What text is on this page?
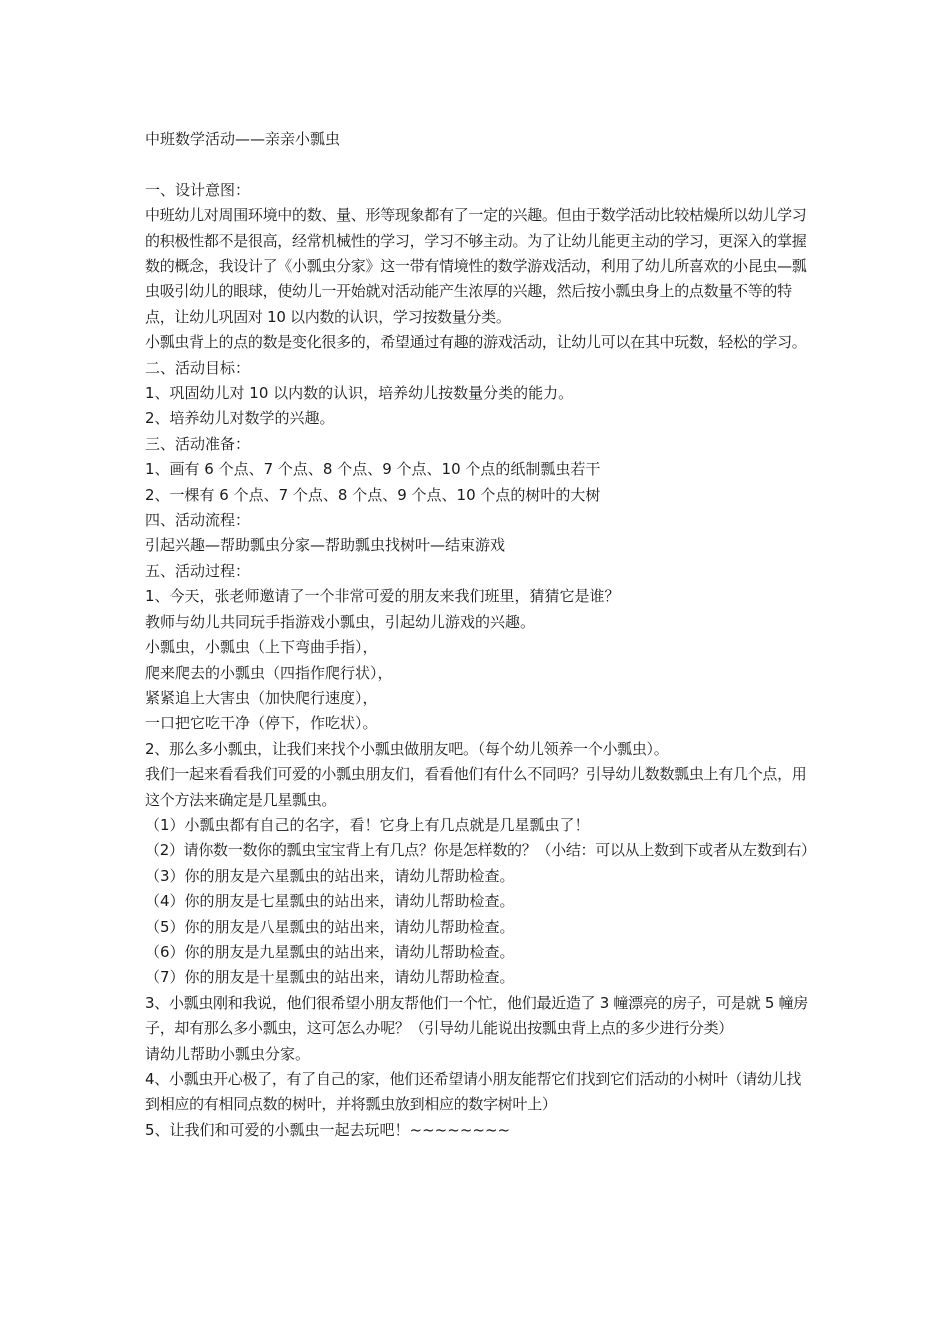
中班数学活动——亲亲小瓢虫

一、设计意图：

中班幼儿对周围环境中的数、量、形等现象都有了一定的兴趣。但由于数学活动比较枯燥所以幼儿学习的积极性都不是很高，经常机械性的学习，学习不够主动。为了让幼儿能更主动的学习，更深入的掌握数的概念，我设计了《小瓢虫分家》这一带有情境性的数学游戏活动，利用了幼儿所喜欢的小昆虫—瓢虫吸引幼儿的眼球，使幼儿一开始就对活动能产生浓厚的兴趣，然后按小瓢虫身上的点数量不等的特点，让幼儿巩固对 10 以内数的认识，学习按数量分类。

小瓢虫背上的点的数是变化很多的，希望通过有趣的游戏活动，让幼儿可以在其中玩数，轻松的学习。

二、活动目标：

1、巩固幼儿对 10 以内数的认识，培养幼儿按数量分类的能力。

2、培养幼儿对数学的兴趣。

三、活动准备：

1、画有 6 个点、7 个点、8 个点、9 个点、10 个点的纸制瓢虫若干

2、一棵有 6 个点、7 个点、8 个点、9 个点、10 个点的树叶的大树

四、活动流程：

引起兴趣—帮助瓢虫分家—帮助瓢虫找树叶—结束游戏

五、活动过程：

1、今天，张老师邀请了一个非常可爱的朋友来我们班里，猜猜它是谁？

教师与幼儿共同玩手指游戏小瓢虫，引起幼儿游戏的兴趣。

小瓢虫，小瓢虫（上下弯曲手指），

爬来爬去的小瓢虫（四指作爬行状），

紧紧追上大害虫（加快爬行速度），

一口把它吃干净（停下，作吃状）。

2、那么多小瓢虫，让我们来找个小瓢虫做朋友吧。（每个幼儿领养一个小瓢虫）。

我们一起来看看我们可爱的小瓢虫朋友们，看看他们有什么不同吗？引导幼儿数数瓢虫上有几个点，用这个方法来确定是几星瓢虫。

（1）小瓢虫都有自己的名字，看！它身上有几点就是几星瓢虫了！

（2）请你数一数你的瓢虫宝宝背上有几点？你是怎样数的？（小结：可以从上数到下或者从左数到右）

（3）你的朋友是六星瓢虫的站出来，请幼儿帮助检查。

（4）你的朋友是七星瓢虫的站出来，请幼儿帮助检查。

（5）你的朋友是八星瓢虫的站出来，请幼儿帮助检查。

（6）你的朋友是九星瓢虫的站出来，请幼儿帮助检查。

（7）你的朋友是十星瓢虫的站出来，请幼儿帮助检查。

3、小瓢虫刚和我说，他们很希望小朋友帮他们一个忙，他们最近造了 3 幢漂亮的房子，可是就 5 幢房子，却有那么多小瓢虫，这可怎么办呢？（引导幼儿能说出按瓢虫背上点的多少进行分类）

请幼儿帮助小瓢虫分家。

4、小瓢虫开心极了，有了自己的家，他们还希望请小朋友能帮它们找到它们活动的小树叶（请幼儿找到相应的有相同点数的树叶，并将瓢虫放到相应的数字树叶上）

5、让我们和可爱的小瓢虫一起去玩吧！~~~~~~~~
